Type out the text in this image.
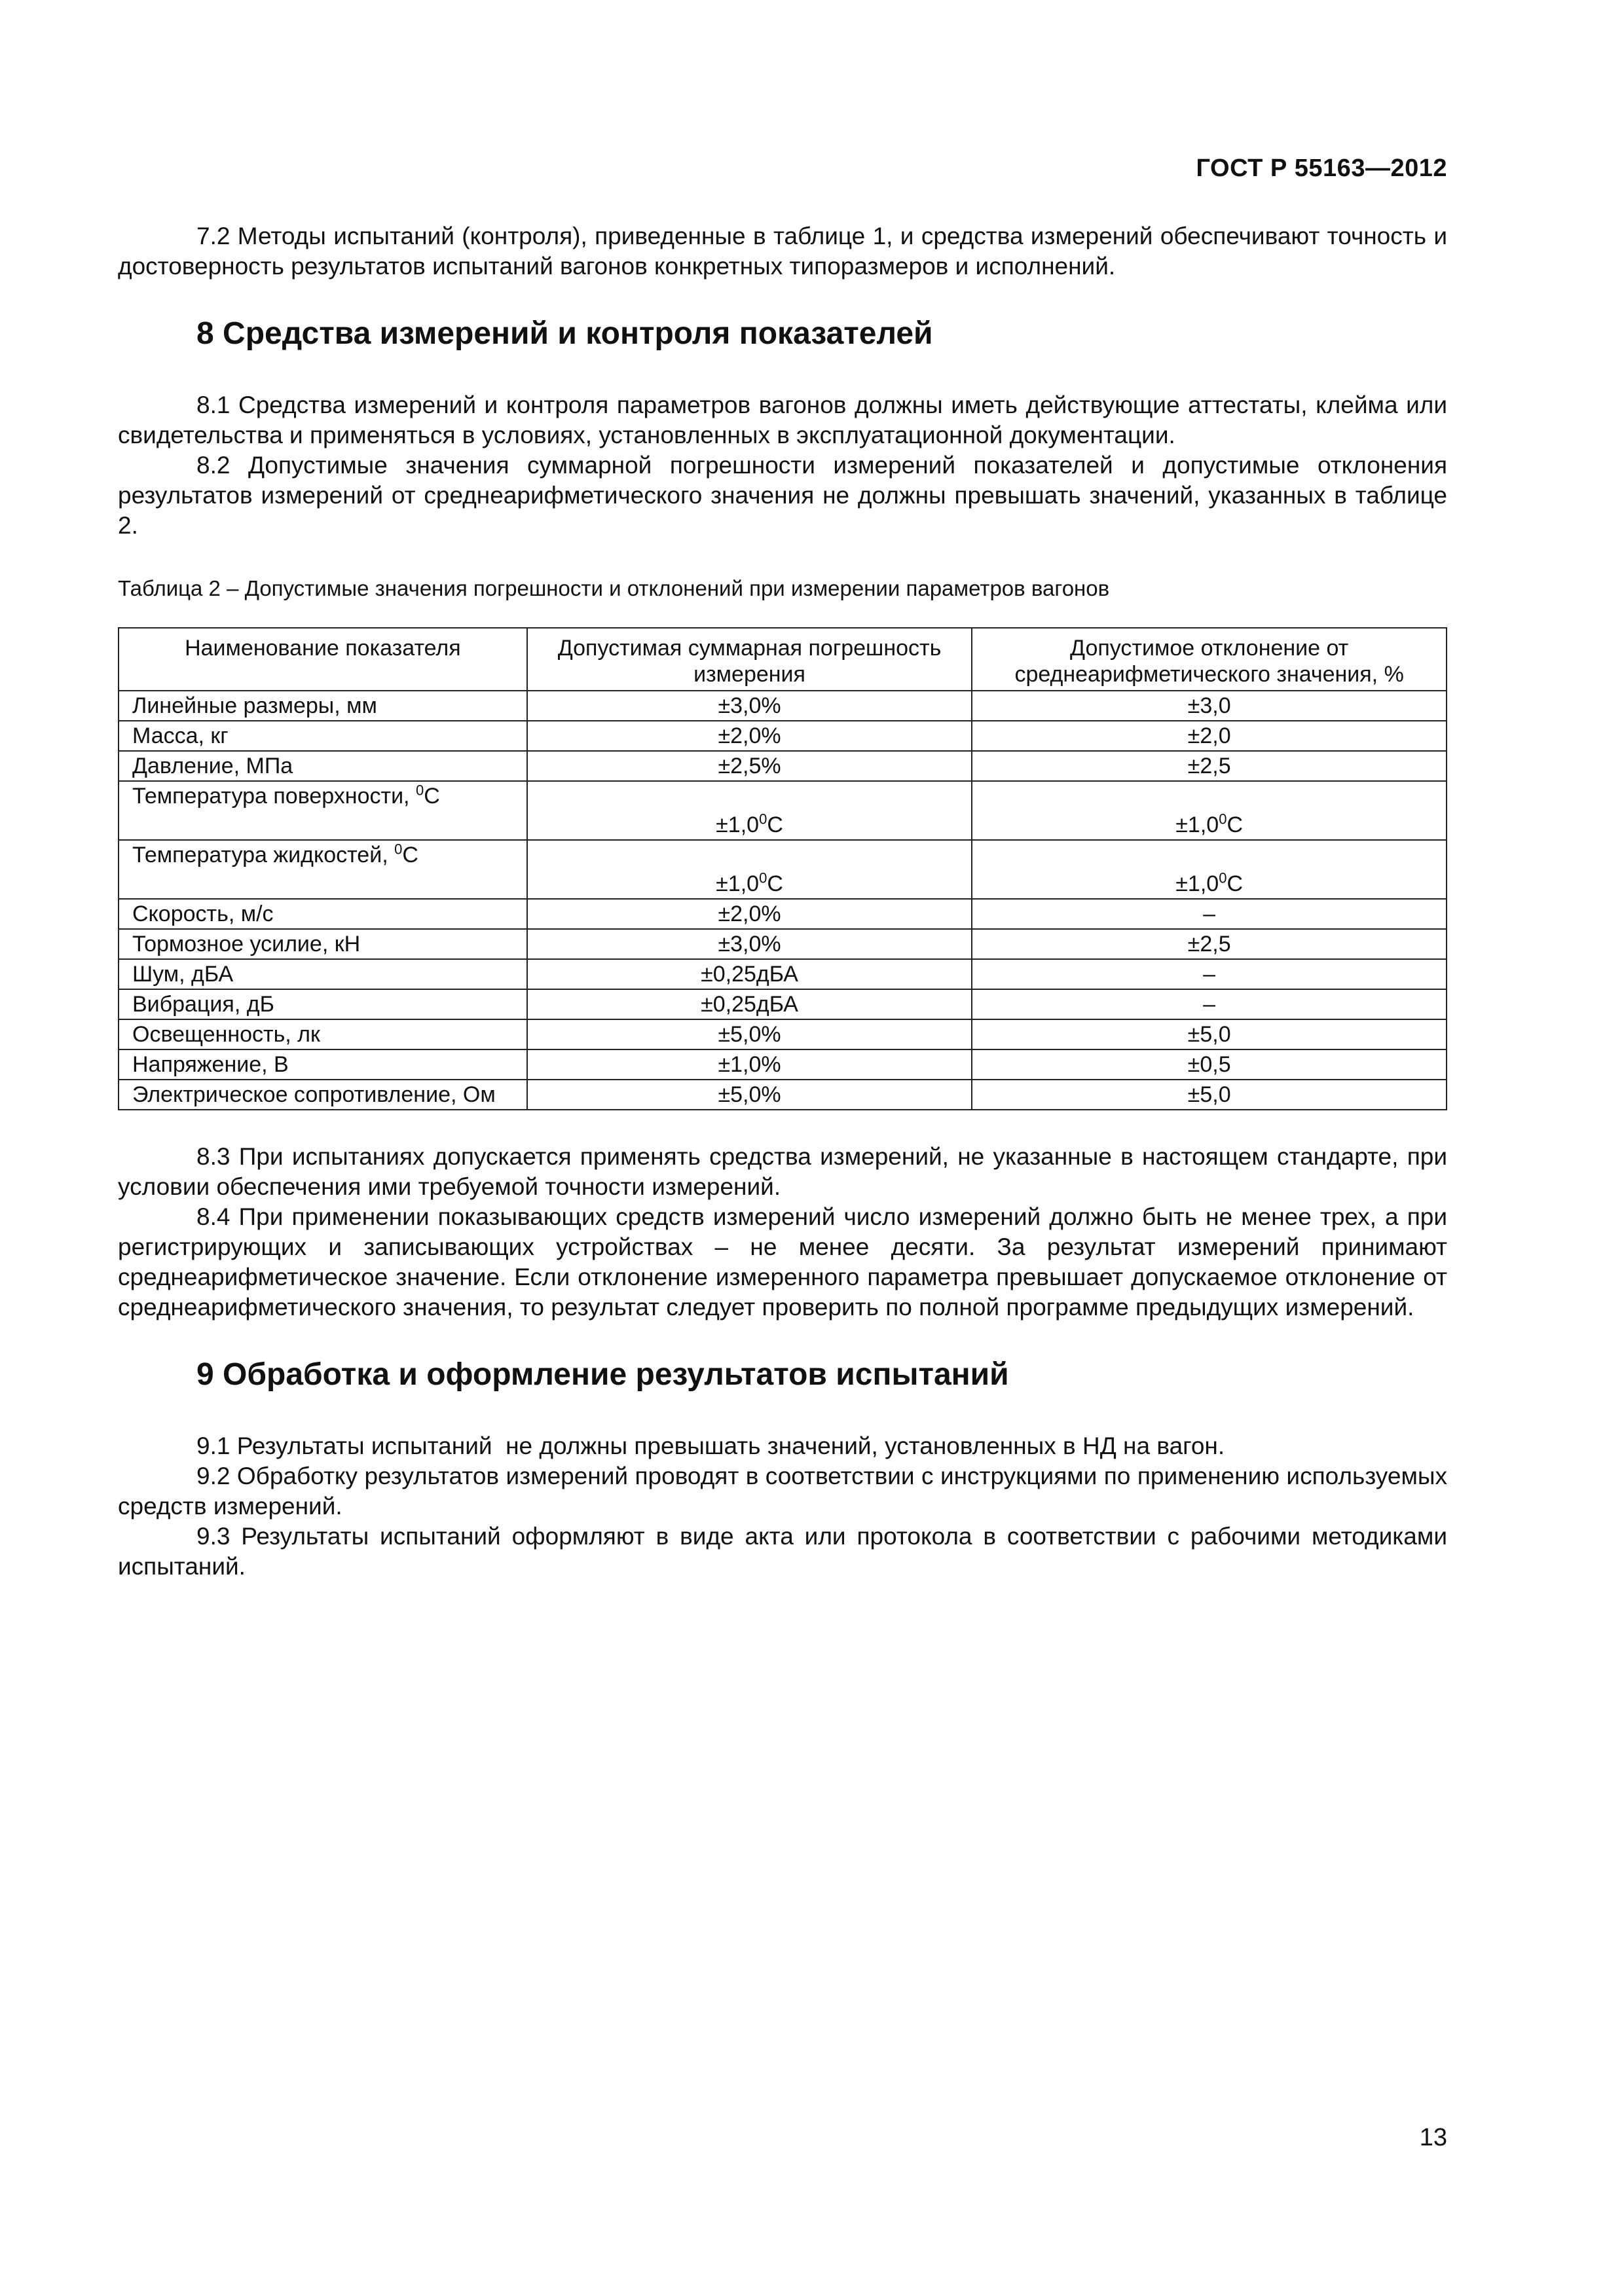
ГОСТ Р 55163—2012

7.2 Методы испытаний (контроля), приведенные в таблице 1, и средства измерений обеспечивают точность и достоверность результатов испытаний вагонов конкретных типоразмеров и исполнений.

8 Средства измерений и контроля показателей

8.1 Средства измерений и контроля параметров вагонов должны иметь действующие аттестаты, клейма или свидетельства и применяться в условиях, установленных в эксплуатационной документации.

8.2 Допустимые значения суммарной погрешности измерений показателей и допустимые отклонения результатов измерений от среднеарифметического значения не должны превышать значений, указанных в таблице 2.

Таблица 2 – Допустимые значения погрешности и отклонений при измерении параметров вагонов
Наименование показателя	Допустимая суммарная погрешность измерения	Допустимое отклонение от среднеарифметического значения, %
Линейные размеры, мм	±3,0%	±3,0
Масса, кг	±2,0%	±2,0
Давление, МПа	±2,5%	±2,5
Температура поверхности, $^0$С	$\pm 1,0^0С$	$\pm 1,0^0С$
Температура жидкостей, $^0$С	$\pm 1,0^0С$	$\pm 1,0^0С$
Скорость, м/с	±2,0%	–
Тормозное усилие, кН	±3,0%	±2,5
Шум, дБА	±0,25дБА	–
Вибрация, дБ	±0,25дБА	–
Освещенность, лк	±5,0%	±5,0
Напряжение, В	±1,0%	±0,5
Электрическое сопротивление, Ом	±5,0%	±5,0

8.3 При испытаниях допускается применять средства измерений, не указанные в настоящем стандарте, при условии обеспечения ими требуемой точности измерений.

8.4 При применении показывающих средств измерений число измерений должно быть не менее трех, а при регистрирующих и записывающих устройствах – не менее десяти. За результат измерений принимают среднеарифметическое значение. Если отклонение измеренного параметра превышает допускаемое отклонение от среднеарифметического значения, то результат следует проверить по полной программе предыдущих измерений.

9 Обработка и оформление результатов испытаний

9.1 Результаты испытаний  не должны превышать значений, установленных в НД на вагон.

9.2 Обработку результатов измерений проводят в соответствии с инструкциями по применению используемых средств измерений.

9.3 Результаты испытаний оформляют в виде акта или протокола в соответствии с рабочими методиками испытаний.

13
